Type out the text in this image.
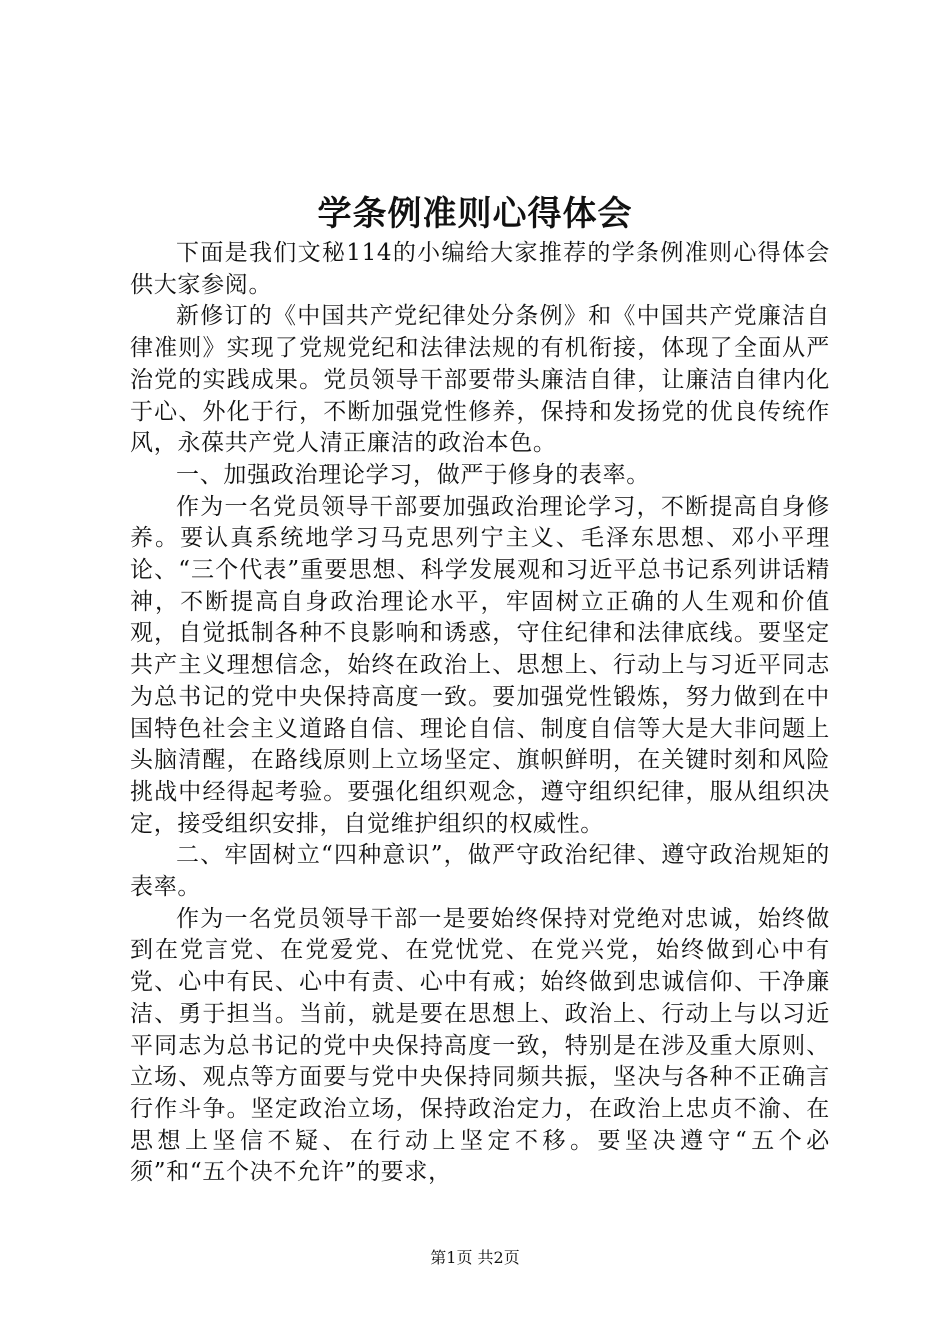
学条例准则心得体会

下面是我们文秘114的小编给大家推荐的学条例准则心得体会供大家参阅。

新修订的《中国共产党纪律处分条例》和《中国共产党廉洁自律准则》实现了党规党纪和法律法规的有机衔接，体现了全面从严治党的实践成果。党员领导干部要带头廉洁自律，让廉洁自律内化于心、外化于行，不断加强党性修养，保持和发扬党的优良传统作风，永葆共产党人清正廉洁的政治本色。

一、加强政治理论学习，做严于修身的表率。

作为一名党员领导干部要加强政治理论学习，不断提高自身修养。要认真系统地学习马克思列宁主义、毛泽东思想、邓小平理论、“三个代表”重要思想、科学发展观和习近平总书记系列讲话精神，不断提高自身政治理论水平，牢固树立正确的人生观和价值观，自觉抵制各种不良影响和诱惑，守住纪律和法律底线。要坚定共产主义理想信念，始终在政治上、思想上、行动上与习近平同志为总书记的党中央保持高度一致。要加强党性锻炼，努力做到在中国特色社会主义道路自信、理论自信、制度自信等大是大非问题上头脑清醒，在路线原则上立场坚定、旗帜鲜明，在关键时刻和风险挑战中经得起考验。要强化组织观念，遵守组织纪律，服从组织决定，接受组织安排，自觉维护组织的权威性。

二、牢固树立“四种意识”，做严守政治纪律、遵守政治规矩的表率。

作为一名党员领导干部一是要始终保持对党绝对忠诚，始终做到在党言党、在党爱党、在党忧党、在党兴党，始终做到心中有党、心中有民、心中有责、心中有戒；始终做到忠诚信仰、干净廉洁、勇于担当。当前，就是要在思想上、政治上、行动上与以习近平同志为总书记的党中央保持高度一致，特别是在涉及重大原则、立场、观点等方面要与党中央保持同频共振，坚决与各种不正确言行作斗争。坚定政治立场，保持政治定力，在政治上忠贞不渝、在思想上坚信不疑、在行动上坚定不移。要坚决遵守“五个必须”和“五个决不允许”的要求，

第1页 共2页
